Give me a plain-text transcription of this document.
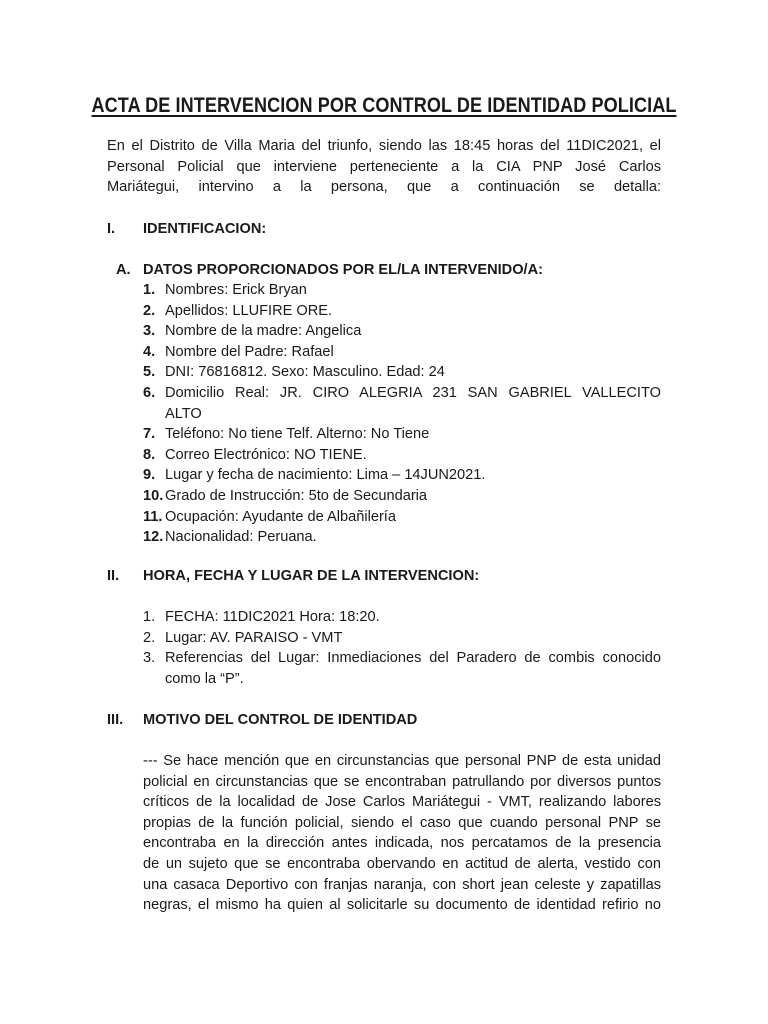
ACTA DE INTERVENCION POR CONTROL DE IDENTIDAD POLICIAL
En el Distrito de Villa Maria del triunfo, siendo las 18:45 horas del 11DIC2021, el
Personal Policial que interviene perteneciente a la CIA PNP José Carlos
Mariátegui, intervino a la persona, que a continuación se detalla:

I. IDENTIFICACION:

A. DATOS PROPORCIONADOS POR EL/LA INTERVENIDO/A:

1. Nombres: Erick Bryan
2. Apellidos: LLUFIRE ORE.
3. Nombre de la madre: Angelica
4. Nombre del Padre: Rafael
5. DNI: 76816812. Sexo: Masculino. Edad: 24
6. Domicilio Real: JR. CIRO ALEGRIA 231 SAN GABRIEL VALLECITO
ALTO
7. Teléfono: No tiene Telf. Alterno: No Tiene
8. Correo Electrónico: NO TIENE.
9. Lugar y fecha de nacimiento: Lima – 14JUN2021.
10. Grado de Instrucción: 5to de Secundaria
11. Ocupación: Ayudante de Albañilería
12. Nacionalidad: Peruana.

II. HORA, FECHA Y LUGAR DE LA INTERVENCION:

1. FECHA: 11DIC2021 Hora: 18:20.
2. Lugar: AV. PARAISO - VMT
3. Referencias del Lugar: Inmediaciones del Paradero de combis conocido
como la “P”.

III. MOTIVO DEL CONTROL DE IDENTIDAD

--- Se hace mención que en circunstancias que personal PNP de esta unidad
policial en circunstancias que se encontraban patrullando por diversos puntos
críticos de la localidad de Jose Carlos Mariátegui - VMT, realizando labores
propias de la función policial, siendo el caso que cuando personal PNP se
encontraba en la dirección antes indicada, nos percatamos de la presencia
de un sujeto que se encontraba obervando en actitud de alerta, vestido con
una casaca Deportivo con franjas naranja, con short jean celeste y zapatillas
negras, el mismo ha quien al solicitarle su documento de identidad refirio no
